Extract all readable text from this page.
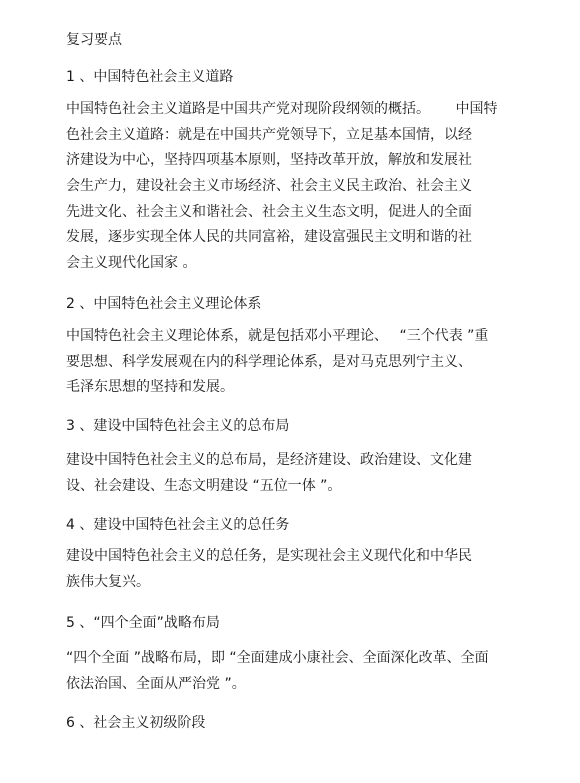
复习要点
1 、中国特色社会主义道路
中国特色社会主义道路是中国共产党对现阶段纲领的概括。　　 中国特
色社会主义道路：就是在中国共产党领导下，立足基本国情，以经
济建设为中心，坚持四项基本原则，坚持改革开放，解放和发展社
会生产力，建设社会主义市场经济、社会主义民主政治、社会主义
先进文化、社会主义和谐社会、社会主义生态文明，促进人的全面
发展，逐步实现全体人民的共同富裕，建设富强民主文明和谐的社
会主义现代化国家 。
2 、中国特色社会主义理论体系
中国特色社会主义理论体系，就是包括邓小平理论、　 “三个代表 ”重
要思想、科学发展观在内的科学理论体系，是对马克思列宁主义、
毛泽东思想的坚持和发展。
3 、建设中国特色社会主义的总布局
建设中国特色社会主义的总布局，是经济建设、政治建设、文化建
设、社会建设、生态文明建设 “五位一体 ”。
4 、建设中国特色社会主义的总任务
建设中国特色社会主义的总任务，是实现社会主义现代化和中华民
族伟大复兴。
5 、“四个全面”战略布局
“四个全面 ”战略布局，即 “全面建成小康社会、全面深化改革、全面
依法治国、全面从严治党 ”。
6 、社会主义初级阶段
